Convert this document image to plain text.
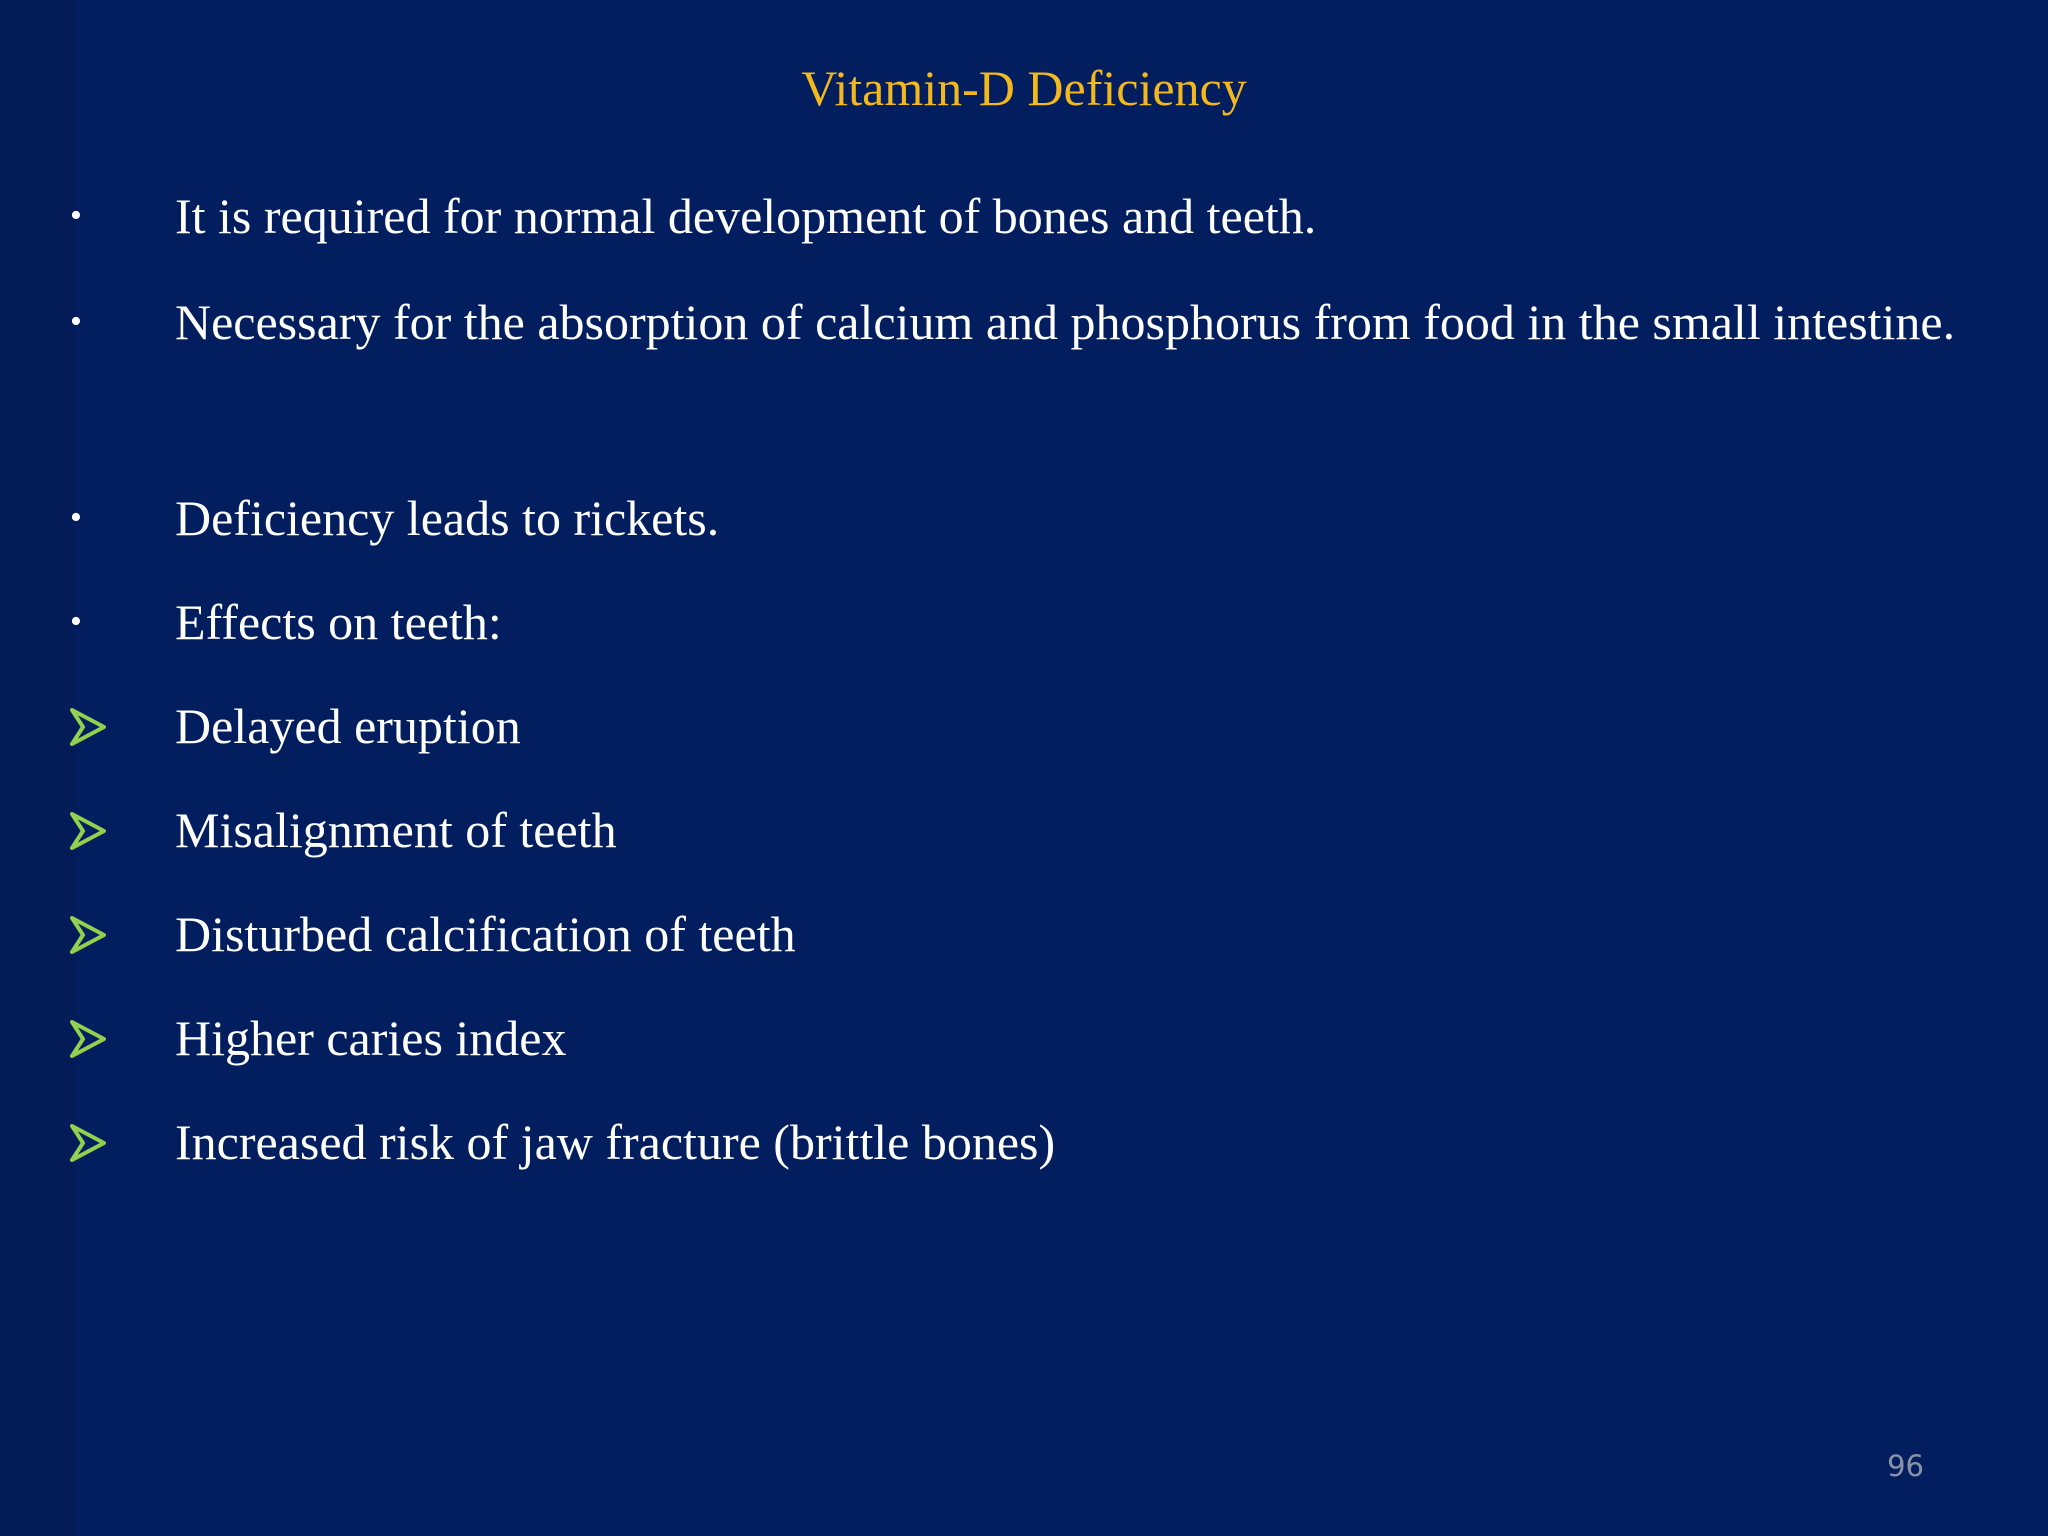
Vitamin-D Deficiency
•	It is required for normal development of bones and teeth.
•	Necessary for the absorption of calcium and phosphorus from food in the small intestine.
•	Deficiency leads to rickets.
•	Effects on teeth:
Delayed eruption
Misalignment of teeth
Disturbed calcification of teeth
Higher caries index
Increased risk of jaw fracture (brittle bones)
96
